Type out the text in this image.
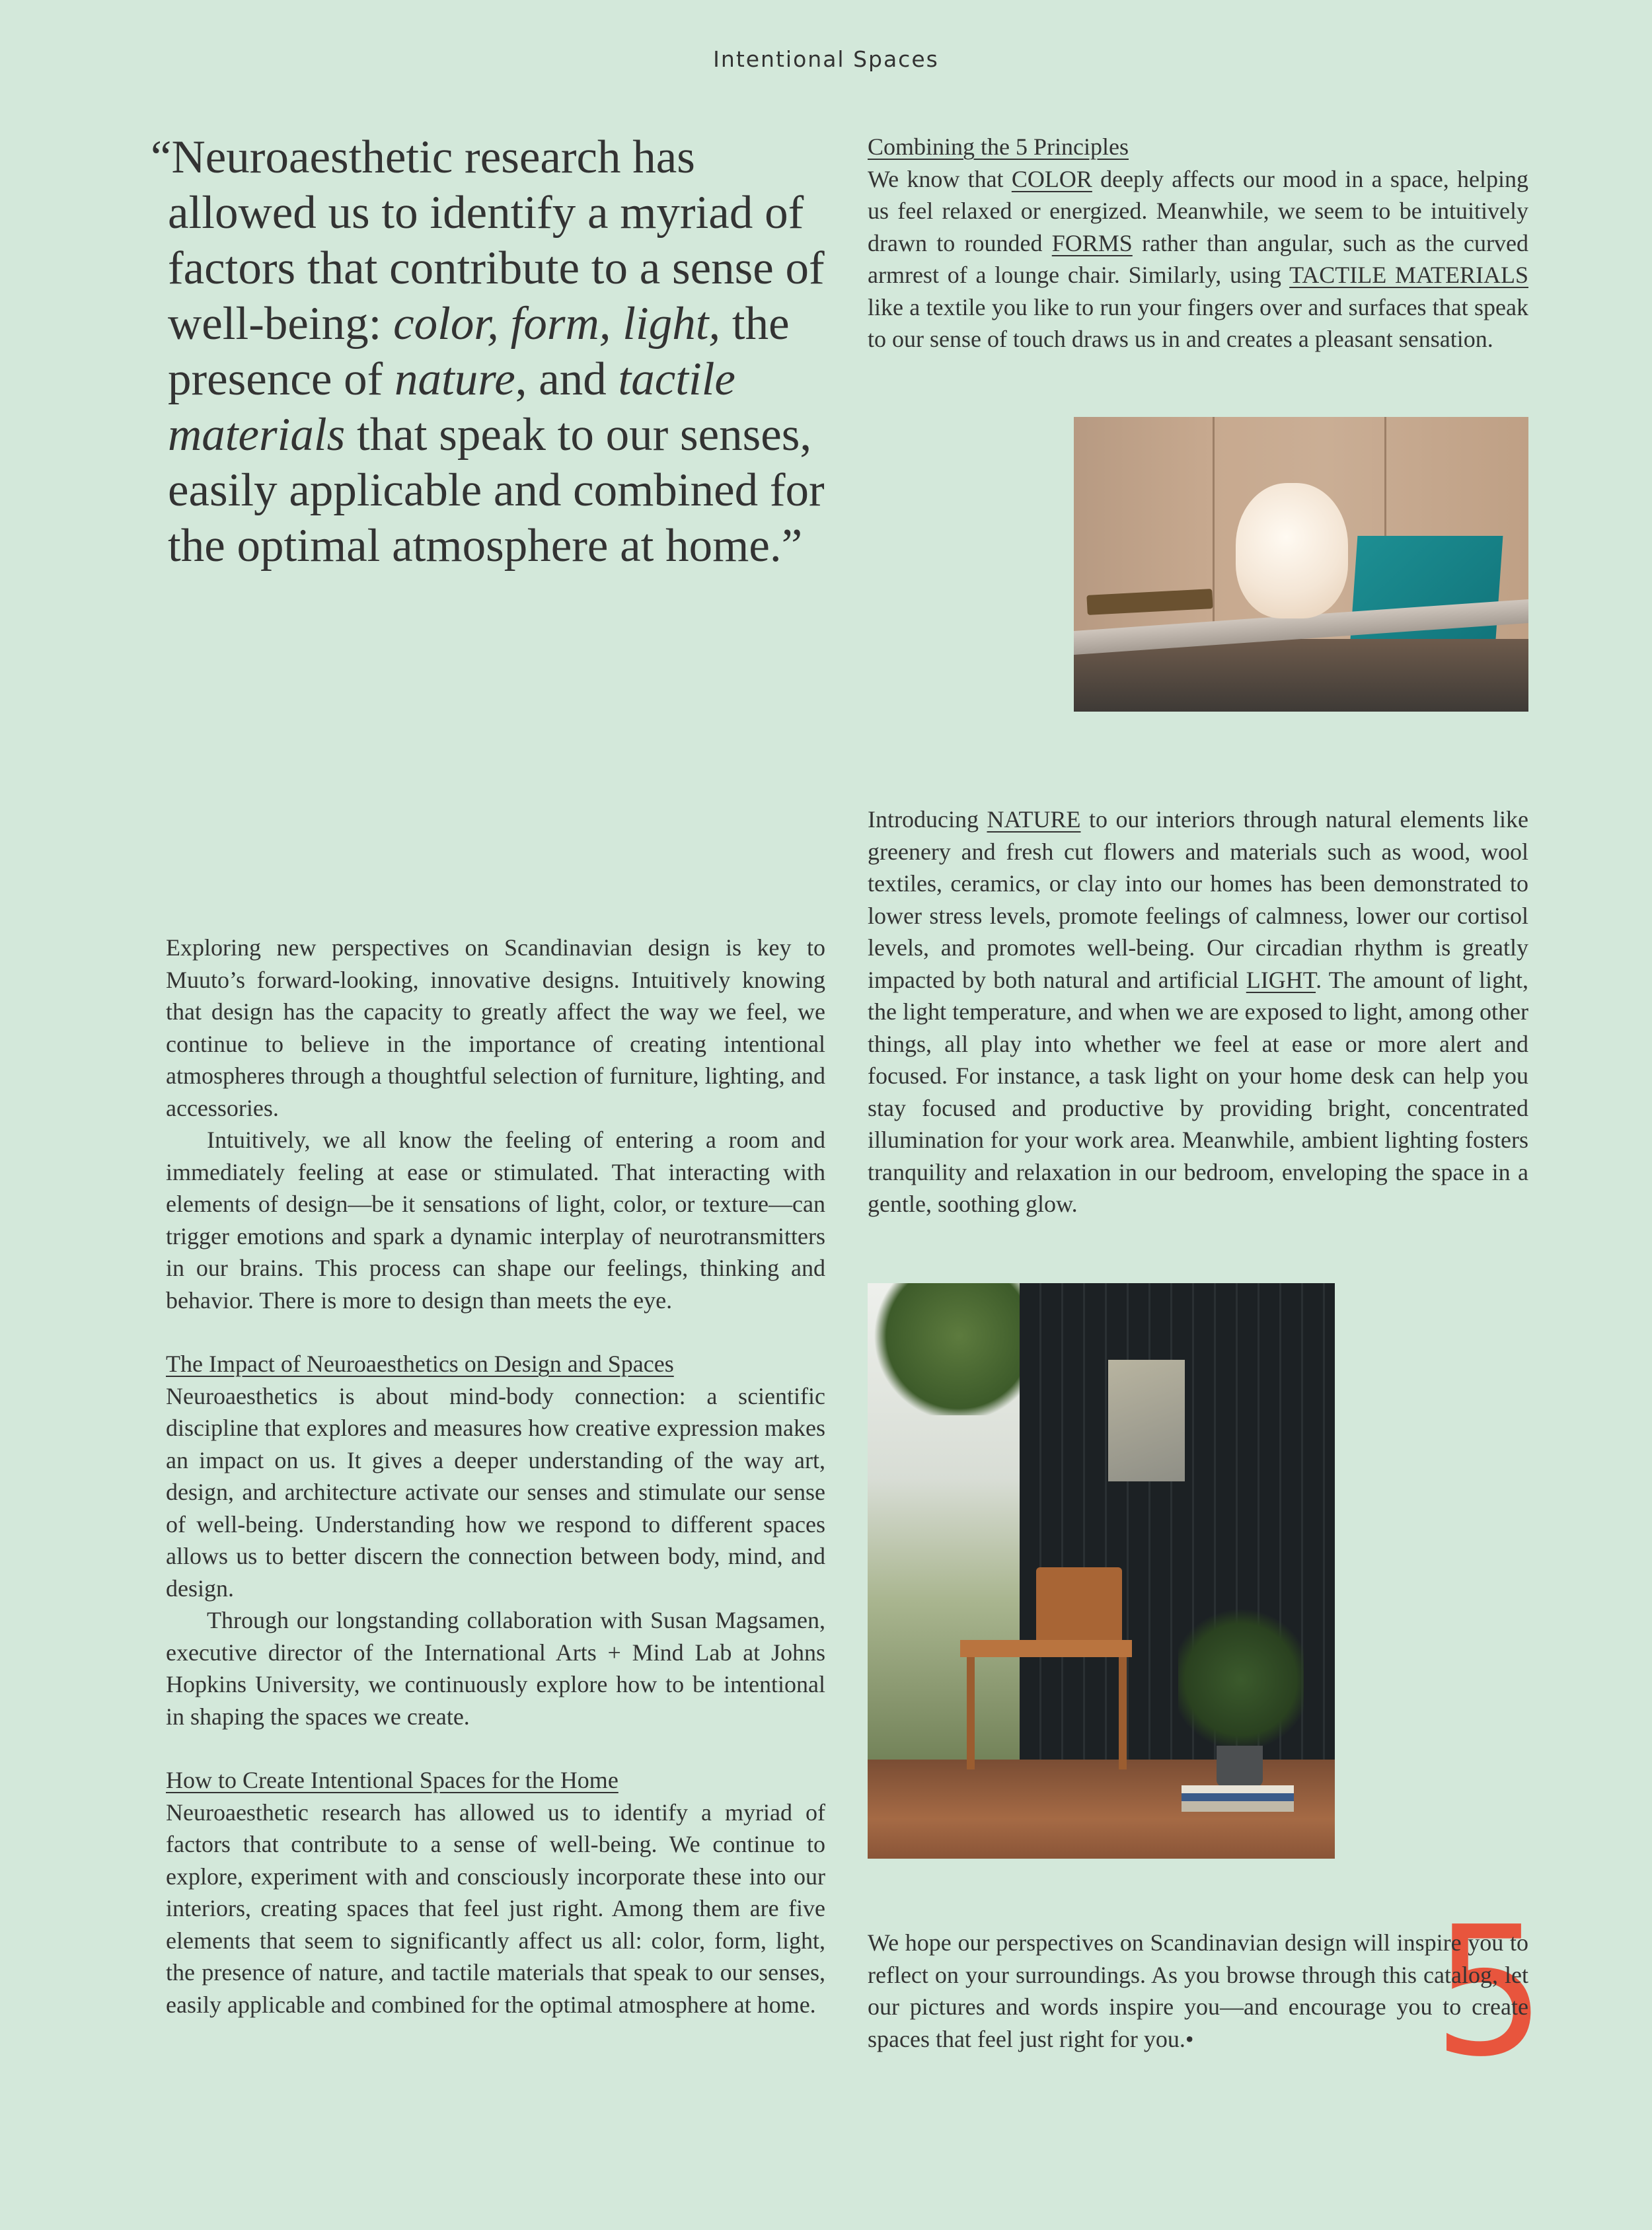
Intentional Spaces
“Neuroaesthetic research has allowed us to identify a myriad of factors that contribute to a sense of well-being: color, form, light, the presence of nature, and tactile materials that speak to our senses, easily applicable and combined for the optimal atmosphere at home.”
Combining the 5 Principles

We know that COLOR deeply affects our mood in a space, helping us feel relaxed or energized. Meanwhile, we seem to be intuitively drawn to rounded FORMS rather than angular, such as the curved armrest of a lounge chair. Similarly, using TACTILE MATERIALS like a textile you like to run your fingers over and surfaces that speak to our sense of touch draws us in and creates a pleasant sensation.

Introducing NATURE to our interiors through natural elements like greenery and fresh cut flowers and materials such as wood, wool textiles, ceramics, or clay into our homes has been demonstrated to lower stress levels, promote feelings of calmness, lower our cortisol levels, and promotes well-being. Our circadian rhythm is greatly impacted by both natural and artificial LIGHT. The amount of light, the light temperature, and when we are exposed to light, among other things, all play into whether we feel at ease or more alert and focused. For instance, a task light on your home desk can help you stay focused and productive by providing bright, concentrated illumination for your work area. Meanwhile, ambient lighting fosters tranquility and relaxation in our bedroom, enveloping the space in a gentle, soothing glow.

Exploring new perspectives on Scandinavian design is key to Muuto’s forward-looking, innovative designs. Intuitively knowing that design has the capacity to greatly affect the way we feel, we continue to believe in the importance of creating intentional atmospheres through a thoughtful selection of furniture, lighting, and accessories.

Intuitively, we all know the feeling of entering a room and immediately feeling at ease or stimulated. That interacting with elements of design—be it sensations of light, color, or texture—can trigger emotions and spark a dynamic interplay of neurotransmitters in our brains. This process can shape our feelings, thinking and behavior. There is more to design than meets the eye.

The Impact of Neuroaesthetics on Design and Spaces

Neuroaesthetics is about mind-body connection: a scientific discipline that explores and measures how creative expression makes an impact on us. It gives a deeper understanding of the way art, design, and architecture activate our senses and stimulate our sense of well-being. Understanding how we respond to different spaces allows us to better discern the connection between body, mind, and design.

Through our longstanding collaboration with Susan Magsamen, executive director of the International Arts + Mind Lab at Johns Hopkins University, we continuously explore how to be intentional in shaping the spaces we create.

How to Create Intentional Spaces for the Home

Neuroaesthetic research has allowed us to identify a myriad of factors that contribute to a sense of well-being. We continue to explore, experiment with and consciously incorporate these into our interiors, creating spaces that feel just right. Among them are five elements that seem to significantly affect us all: color, form, light, the presence of nature, and tactile materials that speak to our senses, easily applicable and combined for the optimal atmosphere at home.	5

We hope our perspectives on Scandinavian design will inspire you to reflect on your surroundings. As you browse through this catalog, let our pictures and words inspire you—and encourage you to create spaces that feel just right for you.•
